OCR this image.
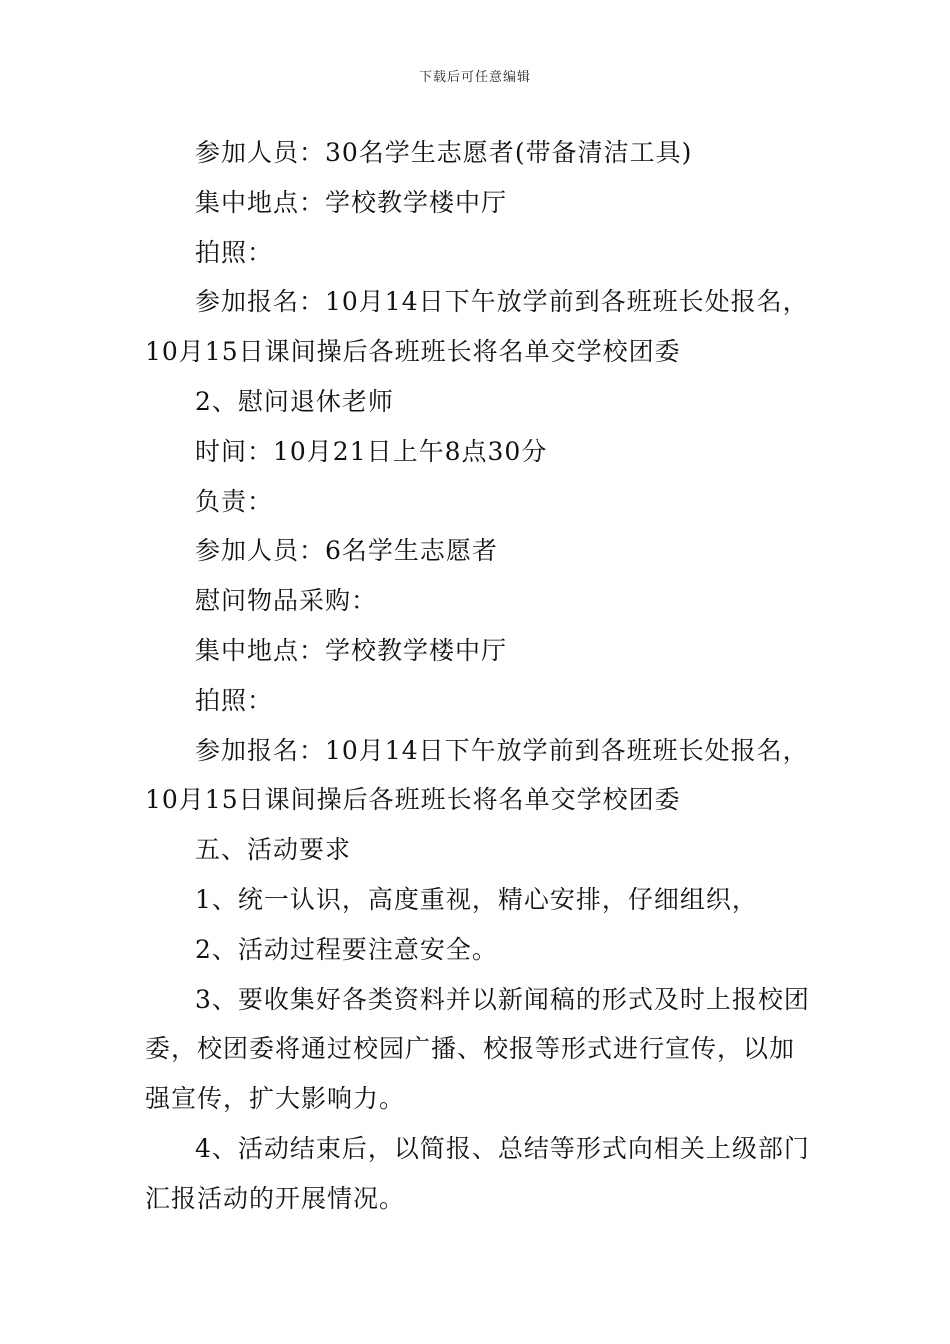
下载后可任意编辑

参加人员：30名学生志愿者(带备清洁工具)

集中地点：学校教学楼中厅

拍照：

参加报名：10月14日下午放学前到各班班长处报名，

10月15日课间操后各班班长将名单交学校团委

2、慰问退休老师

时间：10月21日上午8点30分

负责：

参加人员：6名学生志愿者

慰问物品采购：

集中地点：学校教学楼中厅

拍照：

参加报名：10月14日下午放学前到各班班长处报名，

10月15日课间操后各班班长将名单交学校团委

五、活动要求

1、统一认识，高度重视，精心安排，仔细组织，

2、活动过程要注意安全。

3、要收集好各类资料并以新闻稿的形式及时上报校团

委，校团委将通过校园广播、校报等形式进行宣传，以加

强宣传，扩大影响力。

4、活动结束后，以简报、总结等形式向相关上级部门

汇报活动的开展情况。
